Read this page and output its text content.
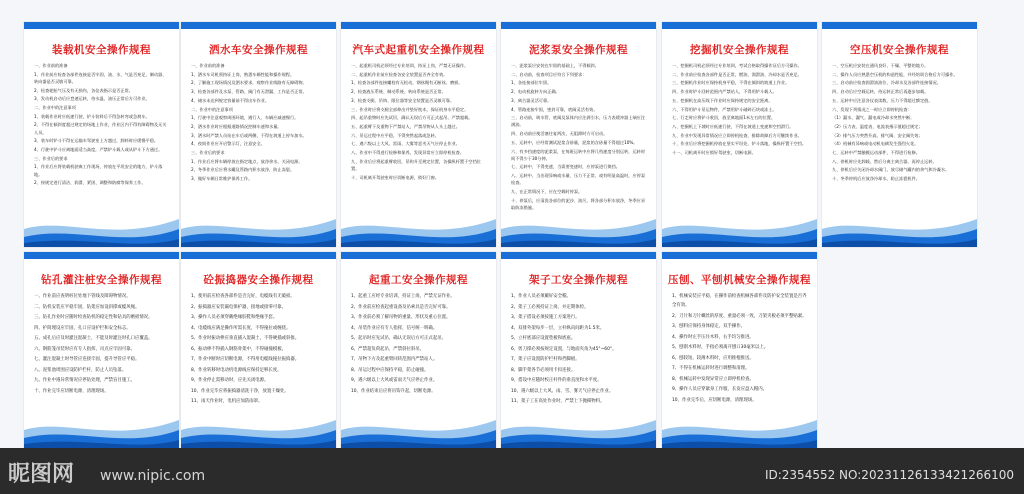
装载机安全操作规程

一、作业前的准备

1、作业前应检查各部件连接是否牢固，油、水、气是否充足，制动器、转向器是否灵敏可靠。

2、检查轮胎气压及有无损伤，各仪表指示是否正常。

3、发动机启动后应怠速运转，待水温、油压正常后方可作业。

二、作业中的注意事项

1、装载作业时应低速行驶，铲斗装料后不得急转弯或急刹车。

2、不得在倾斜度超过规定的场地上作业，作业区内不得有障碍物及无关人员。

3、装车时铲斗不得在运输车驾驶室上方越过，卸料时应缓慢平稳。

4、行驶中铲斗应离地面适当高度，严禁铲斗载人或从铲斗下方通过。

三、作业后的要求

1、作业后应将装载机驶离工作现场，停放在平坦安全的地方，铲斗落地。

2、按规定进行清洁、润滑、紧固、调整和防腐等保养工作。

洒水车安全操作规程

一、作业前的准备

1、洒水车司机须持证上岗，熟悉车辆性能和操作规程。

2、了解施工现场情况及洒水要求，观察作业线路有无障碍物。

3、检查各部件及水泵、管路、阀门有无泄漏，工作是否正常。

4、储水未达到规定容量前不得出车作业。

二、作业中的注意事项

1、行驶中注意观察周围环境，遇行人、车辆应减速慢行。

2、洒水作业时应根据道路情况控制车速和水量。

3、洒水时严禁人员站在车后或两侧，不得在坡道上停车加水。

4、夜间作业应开启警示灯，注意安全。

三、作业后的要求

1、作业后应将车辆停放在指定地点，放净余水，关闭电源。

2、冬季作业后应将水罐及管路内积水放净，防止冻裂。

3、做好车辆日常维护保养工作。

汽车式起重机安全操作规程

一、起重机司机必须经过专业培训，持证上岗，严禁无证操作。

二、起重机作业前应检查各安全装置是否齐全有效。

1、检查各部件连接螺栓有无松动，钢丝绳有无断丝、磨损。

2、检查液压系统、制动系统、转向系统是否正常。

3、检查支腿、吊钩、限位器等安全装置是否灵敏可靠。

三、作业时应将支腿全部伸出并垫好枕木，保证机身水平稳定。

四、起吊重物时应先试吊，确认无误后方可正式起吊，严禁超载。

五、起重臂下及重物下严禁站人，严禁吊物从人头上越过。

六、吊运过程中应平稳，不得突然起落或急转。

七、遇六级以上大风、雷雨、大雾等恶劣天气应停止作业。

八、作业中不得进行检修和保养，发现异常应立即停机检查。

九、作业后应将起重臂收回，吊钩升至规定位置，各操纵杆置于空挡位置。

十、司机离开驾驶室时应切断电源，锁好门窗。

泥浆泵安全操作规程

一、泥浆泵应安装在牢固的基础上，不得倾斜。

二、启动前，检查项目应符合下列要求：

1、各连接部位牢固。

2、电动机旋转方向正确。

3、离合器灵活可靠。

4、管路连接牢固，密封可靠，底阀灵活有效。

三、启动前，吸水管、底阀及泵体内应注满引水，压力表缓冲器上端应注满油。

四、启动前应使活塞往复两次，无阻滞时方可启动。

五、运转中，应经常测试泥浆含砂量，泥浆的含砂量不得超过10%。

六、有多挡速度的泥浆泵，在每班运转中应将几档速度分别运转，运转时间不得少于30分钟。

七、运转中，不得变速，当需要变速时，应停泵进行换挡。

八、运转中，当出现异响或水量、压力不正常，或有明显高温时，应停泵检查。

九、在正常情况下，应在空载时停泵。

十、停泵后，应清洗各部位的泥沙、油污，将各部分积水放净，冬季应采取防冻措施。

挖掘机安全操作规程

一、挖掘机司机必须经过专业培训，考试合格取得操作证后方可操作。

二、作业前应检查各部件是否正常，燃油、润滑油、冷却水是否充足。

三、挖掘机作业时应保持机身平稳，不得在倾斜的坡道上作业。

四、作业时铲斗回转范围内严禁站人，不得用铲斗载人。

五、挖掘机在高压线下作业时应保持规定的安全距离。

六、不得用铲斗吊运物件，严禁用铲斗破碎石块或冻土。

七、行走时应将铲斗收回，放至离地面1米左右的位置。

八、挖掘机上下坡时应低速行驶，不得在坡道上变速和空挡滑行。

九、作业中发现异常情况应立即停机检查，排除故障后方可继续作业。

十、作业后应将挖掘机停放在坚实平坦处，铲斗落地，操纵杆置于空挡。

十一、司机离开时应锁好驾驶室，切断电源。

空压机安全操作规程

一、空压机应安装在通风良好、干燥、平整的地方。

二、操作人员应熟悉空压机的构造性能，并经培训合格后方可操作。

三、启动前应检查润滑油油位、冷却水及各部件连接情况。

四、启动后应空载运转，待运转正常后再逐步加载。

五、运转中应注意各仪表读数，压力不得超过额定值。

六、发现下列情况之一时应立即停机检查：

（1）漏水、漏气、漏电或冷却水突然中断；

（2）压力表、温度表、电流表指示值超过规定；

（3）排气压力突然升高，排气阀、安全阀失效；

（4）机械有异响或电动机电刷发生强烈火花。

七、运转中严禁触摸运动部件，不得进行检修。

八、停机时应先卸载，然后分离主离合器，再停止运转。

九、停机后应关闭冷却水阀门，放尽储气罐内的余气和冷凝水。

十、冬季停机后应放净冷却水，防止冻裂机件。

钻孔灌注桩安全操作规程

一、作业前应查明桩位处地下管线及障碍物情况。

二、钻机安装应平稳牢固，钻架应加设斜撑或缆风绳。

三、钻孔作业时应随时检查钻机的稳定性和钻具的磨损情况。

四、护筒埋设应牢固，孔口应设护栏和安全标志。

五、成孔后应及时灌注混凝土，不能及时灌注时孔口应覆盖。

六、钢筋笼吊装时应有专人指挥，吊点应牢固可靠。

七、灌注混凝土时导管应连接牢固，提升导管应平稳。

八、泥浆池周围应设防护栏杆，防止人员坠落。

九、作业中遇异常情况应停钻处理，严禁盲目施工。

十、作业完毕应切断电源，清理现场。

砼振捣器安全操作规程

1、使用前应检查各部件是否完好，电缆线有无破损。

2、振捣器应安装漏电保护器，接地或接零可靠。

3、操作人员必须穿戴绝缘胶鞋和绝缘手套。

4、电缆线应满足操作所需长度，不得拖拉或缠绕。

5、作业时振动棒应垂直插入混凝土，不得硬插或斜推。

6、振动棒不得插入钢筋骨架中，不得碰撞模板。

7、作业中断时应切断电源，不得用电缆线拖拉振捣器。

8、作业转移时电动机电源线应保持足够长度。

9、作业停止需移动时，应先关闭电源。

10、作业完毕应将振捣器清洗干净，放置干燥处。

11、雨天作业时，电机应加防雨罩。

起重工安全操作规程

1、起重工应经专业培训，持证上岗，严禁无证作业。

2、作业前应检查起重设备及吊索具是否完好可靠。

3、作业前必须了解吊物的重量、形状及重心位置。

4、吊装作业应有专人指挥，信号统一明确。

5、起吊时应先试吊，确认无误后方可正式起吊。

6、严禁超负荷起吊，严禁斜拉斜吊。

7、吊物下方及起重臂回转范围内严禁站人。

8、吊运过程中应保持平稳，防止碰撞。

9、遇六级以上大风或雷雨天气应停止作业。

10、作业结束后应将吊钩升起，切断电源。

架子工安全操作规程

1、作业人员必须戴好安全帽。

2、架子工必须持证上岗，并定期体检。

3、架子搭设必须按施工方案进行。

4、双排外架每步一层，立杆纵向间距为1.5米。

5、立杆底部应设置垫板和底座。

6、剪刀撑必须按规定设置，与地面夹角为45°~60°。

7、架子应设置防护栏杆和挡脚板。

8、脚手架各节必须用卡扣连接。

9、搭设中应随时校正杆件的垂直度和水平度。

10、遇六级以上大风、雨、雪、雾天气应停止作业。

11、架子工在高处作业时，严禁上下抛掷物料。

压刨、平刨机械安全操作规程

1、机械安装应平稳，在操作前检查机械各部件及防护安全装置是否齐全有效。

2、刀片和刀片螺丝的厚度、重量必须一致，刀架夹板必须平整贴紧。

3、刨料应保持身体稳定，双手操作。

4、操作时左手压住木料，右手均匀推进。

5、刨削木料时，手指必须离开刨口30毫米以上。

6、刨较短、较薄木料时，应用推棍推送。

7、不得在机械运转时进行调整和清理。

8、机械运转中发现异常应立即停机检查。

9、操作人员应穿紧身工作服，长发应盘入帽内。

10、作业完毕后，应切断电源，清理现场。

昵图网 www.nipic.com	ID:2354552 NO:20231126133421266100
